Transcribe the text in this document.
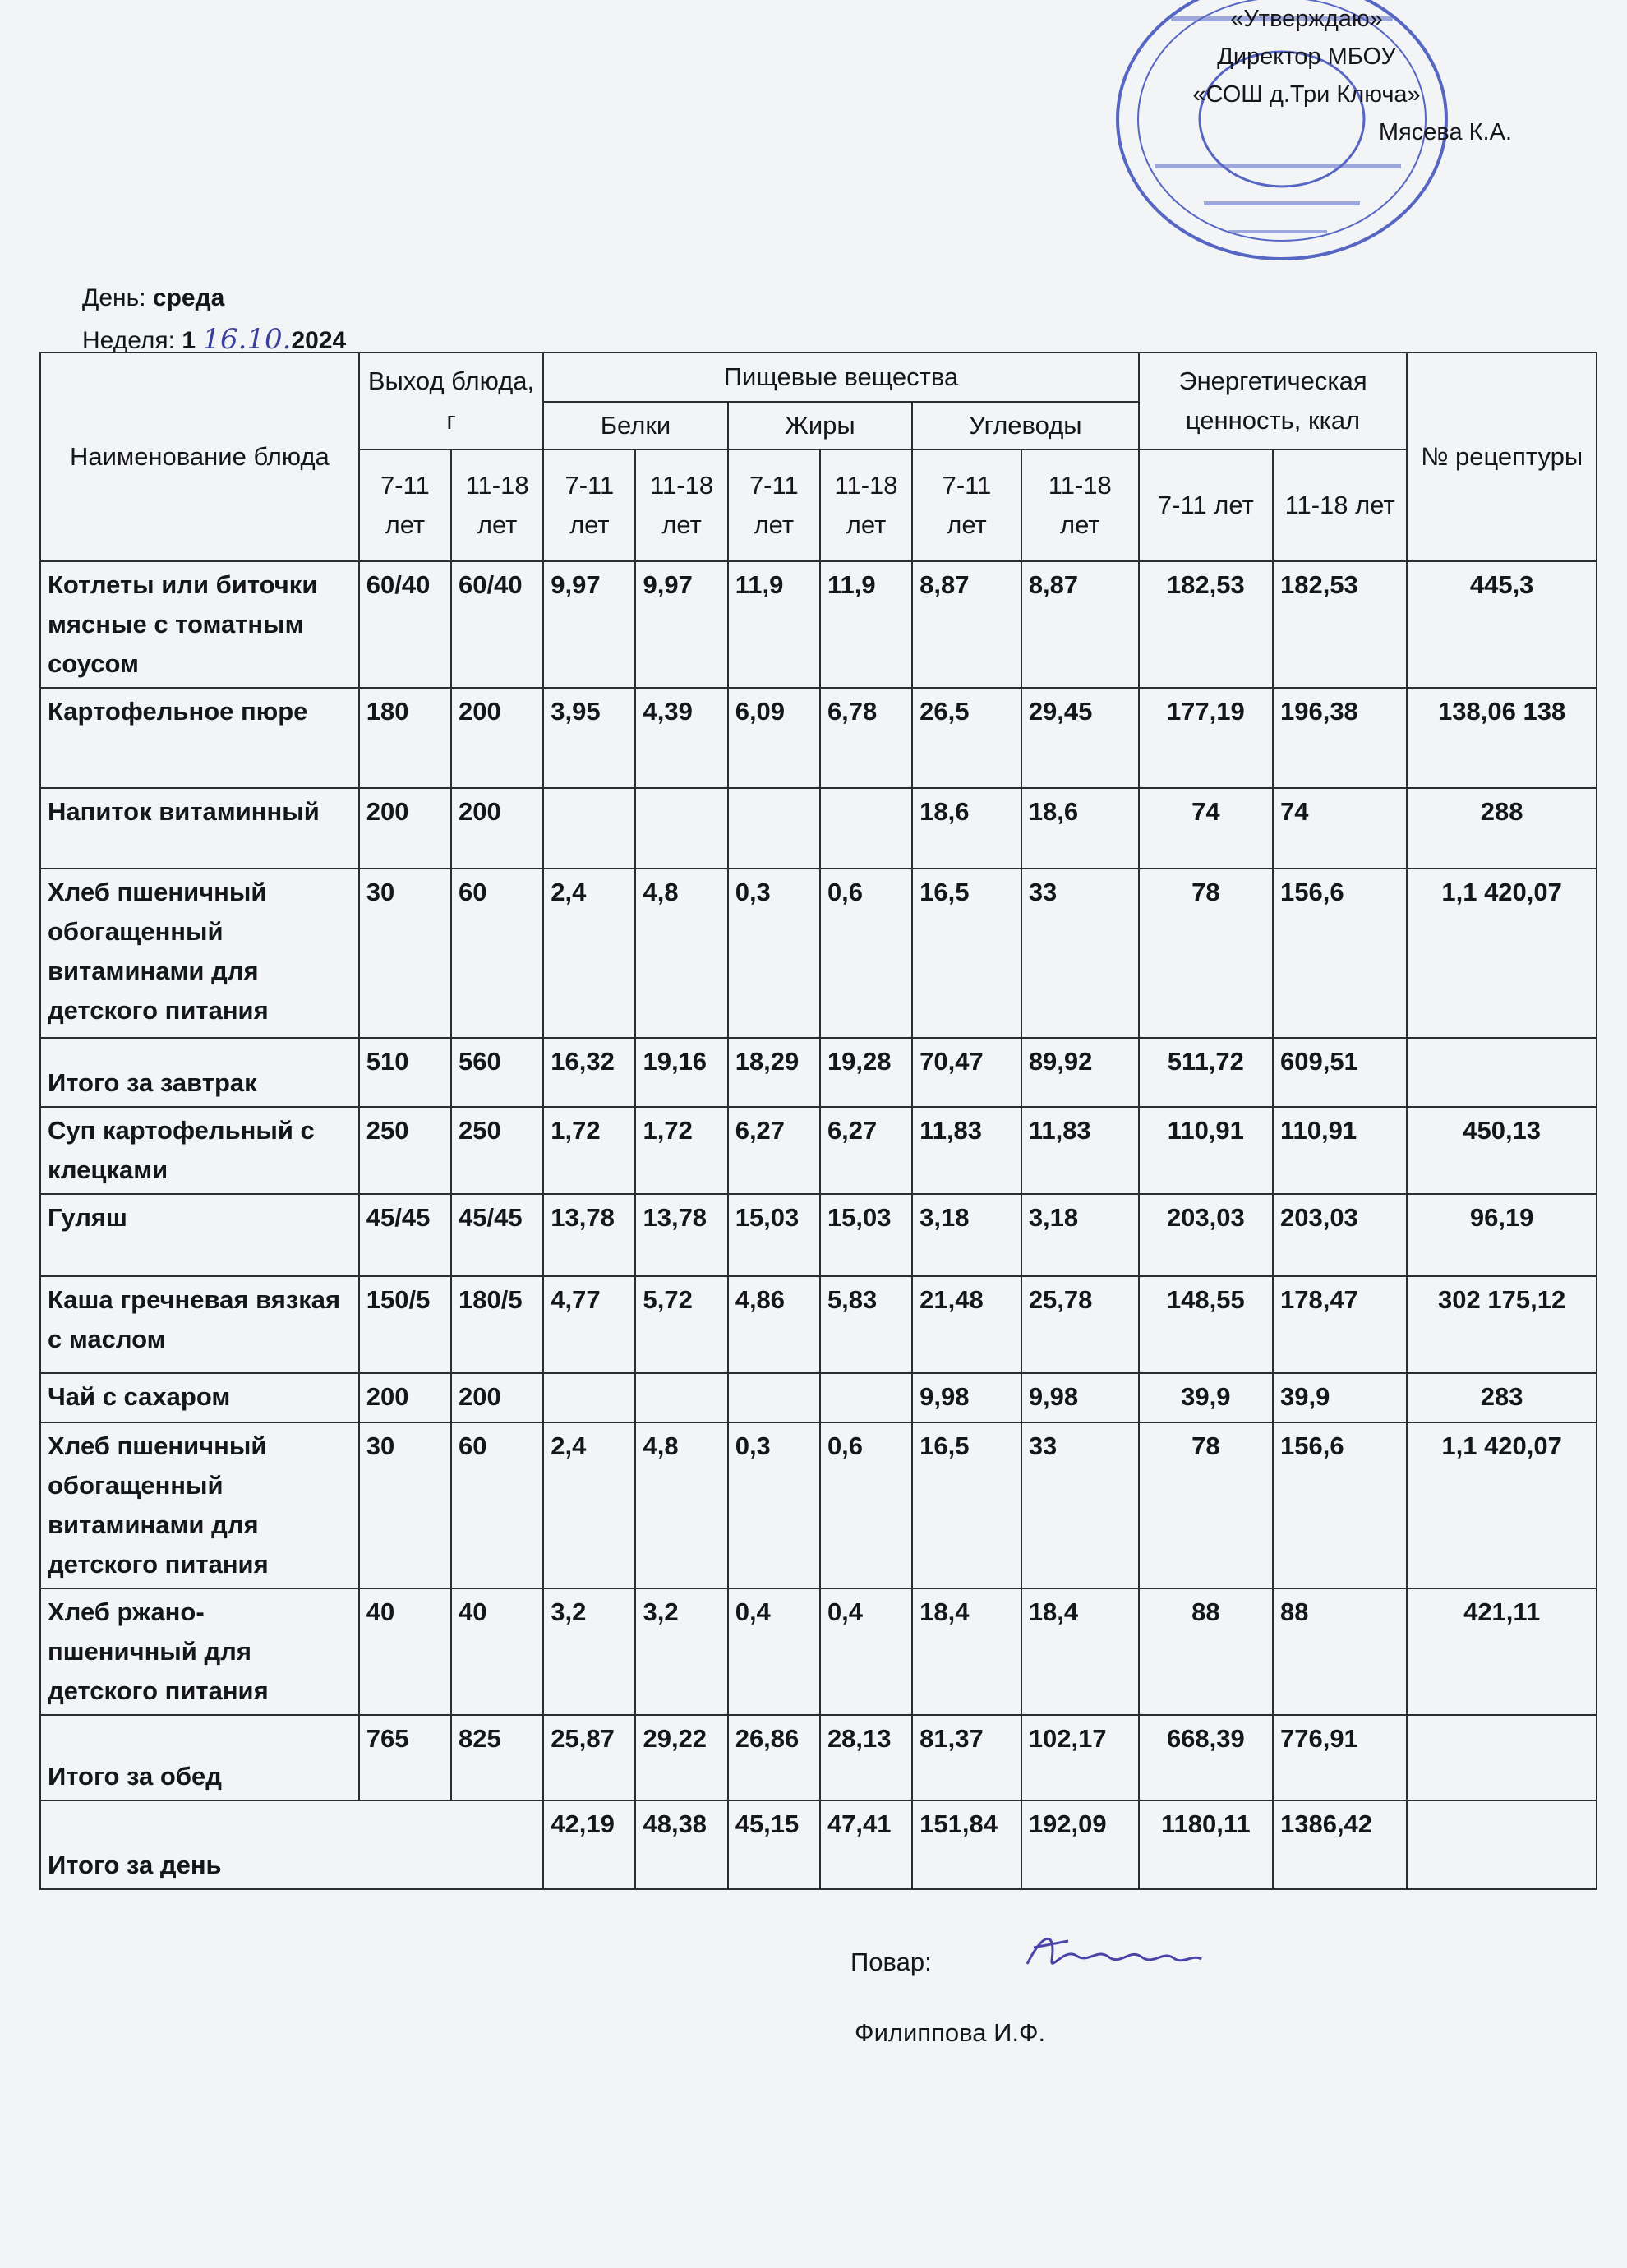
«Утверждаю»
Директор МБОУ
«СОШ д.Три Ключа»
Мясева К.А.
День: среда
Неделя: 1 16.10.2024
Наименование блюда	Выход блюда, г		Пищевые вещества						Энергетическая ценность, ккал		№ рецептуры
			Белки		Жиры		Углеводы				
	7-11 лет	11-18 лет	7-11 лет	11-18 лет	7-11 лет	11-18 лет	7-11 лет	11-18 лет	7-11 лет	11-18 лет	
Котлеты или биточки мясные с томатным соусом	60/40	60/40	9,97	9,97	11,9	11,9	8,87	8,87	182,53	182,53	445,3
Картофельное пюре	180	200	3,95	4,39	6,09	6,78	26,5	29,45	177,19	196,38	138,06 138
Напиток витаминный	200	200					18,6	18,6	74	74	288
Хлеб пшеничный обогащенный витаминами для детского питания	30	60	2,4	4,8	0,3	0,6	16,5	33	78	156,6	1,1 420,07
Итого за завтрак	510	560	16,32	19,16	18,29	19,28	70,47	89,92	511,72	609,51	
Суп картофельный с клецками	250	250	1,72	1,72	6,27	6,27	11,83	11,83	110,91	110,91	450,13
Гуляш	45/45	45/45	13,78	13,78	15,03	15,03	3,18	3,18	203,03	203,03	96,19
Каша гречневая вязкая с маслом	150/5	180/5	4,77	5,72	4,86	5,83	21,48	25,78	148,55	178,47	302 175,12
Чай с сахаром	200	200					9,98	9,98	39,9	39,9	283
Хлеб пшеничный обогащенный витаминами для детского питания	30	60	2,4	4,8	0,3	0,6	16,5	33	78	156,6	1,1 420,07
Хлеб ржано-пшеничный для детского питания	40	40	3,2	3,2	0,4	0,4	18,4	18,4	88	88	421,11
Итого за обед	765	825	25,87	29,22	26,86	28,13	81,37	102,17	668,39	776,91	
Итого за день			42,19	48,38	45,15	47,41	151,84	192,09	1180,11	1386,42	
Повар:
Филиппова И.Ф.
